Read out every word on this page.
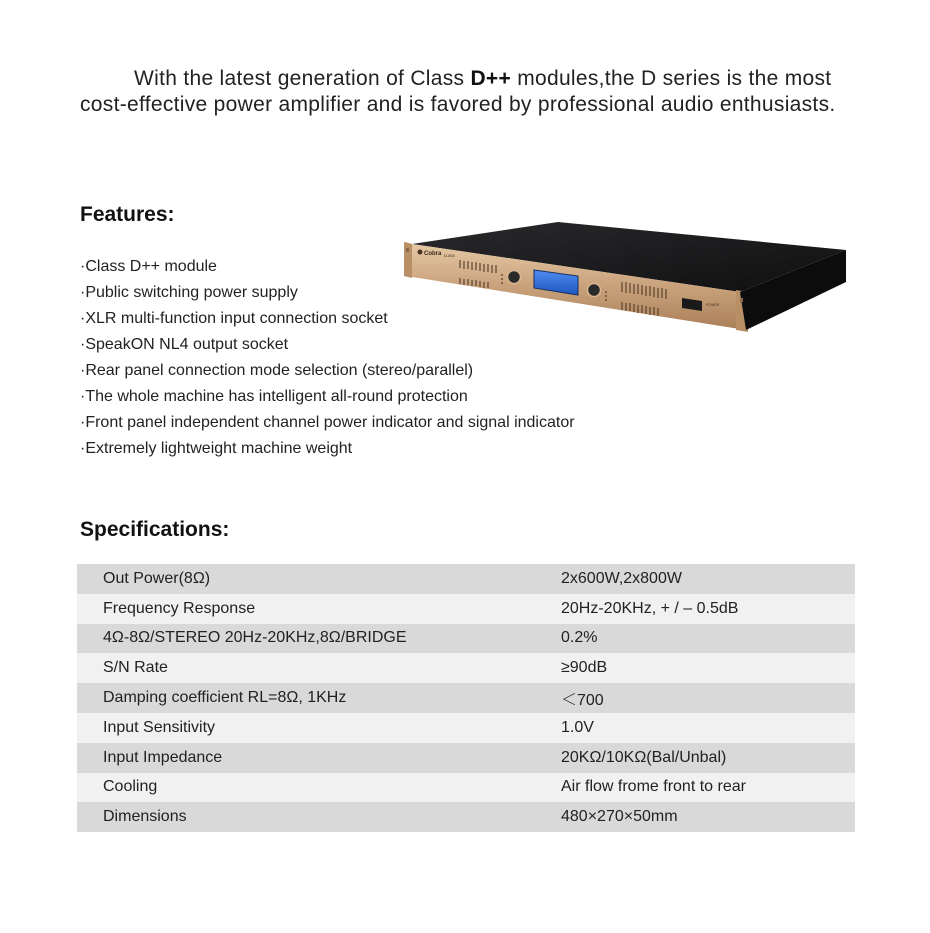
With the latest generation of Class D++ modules,the D series is the most cost-effective power amplifier and is favored by professional audio enthusiasts.
Features:
·Class D++ module
·Public switching power supply
·XLR multi-function input connection socket
·SpeakON NL4 output socket
·Rear panel connection mode selection (stereo/parallel)
·The whole machine has intelligent all-round protection
·Front panel independent channel power indicator and signal indicator
·Extremely lightweight machine weight
Cobra D-800
POWER
Specifications:
Out Power(8Ω)	2x600W,2x800W
Frequency Response	20Hz-20KHz, + / – 0.5dB
4Ω-8Ω/STEREO 20Hz-20KHz,8Ω/BRIDGE	0.2%
S/N Rate	≥90dB
Damping coefficient RL=8Ω, 1KHz	＜700
Input Sensitivity	1.0V
Input Impedance	20KΩ/10KΩ(Bal/Unbal)
Cooling	Air flow frome front to rear
Dimensions	480×270×50mm
